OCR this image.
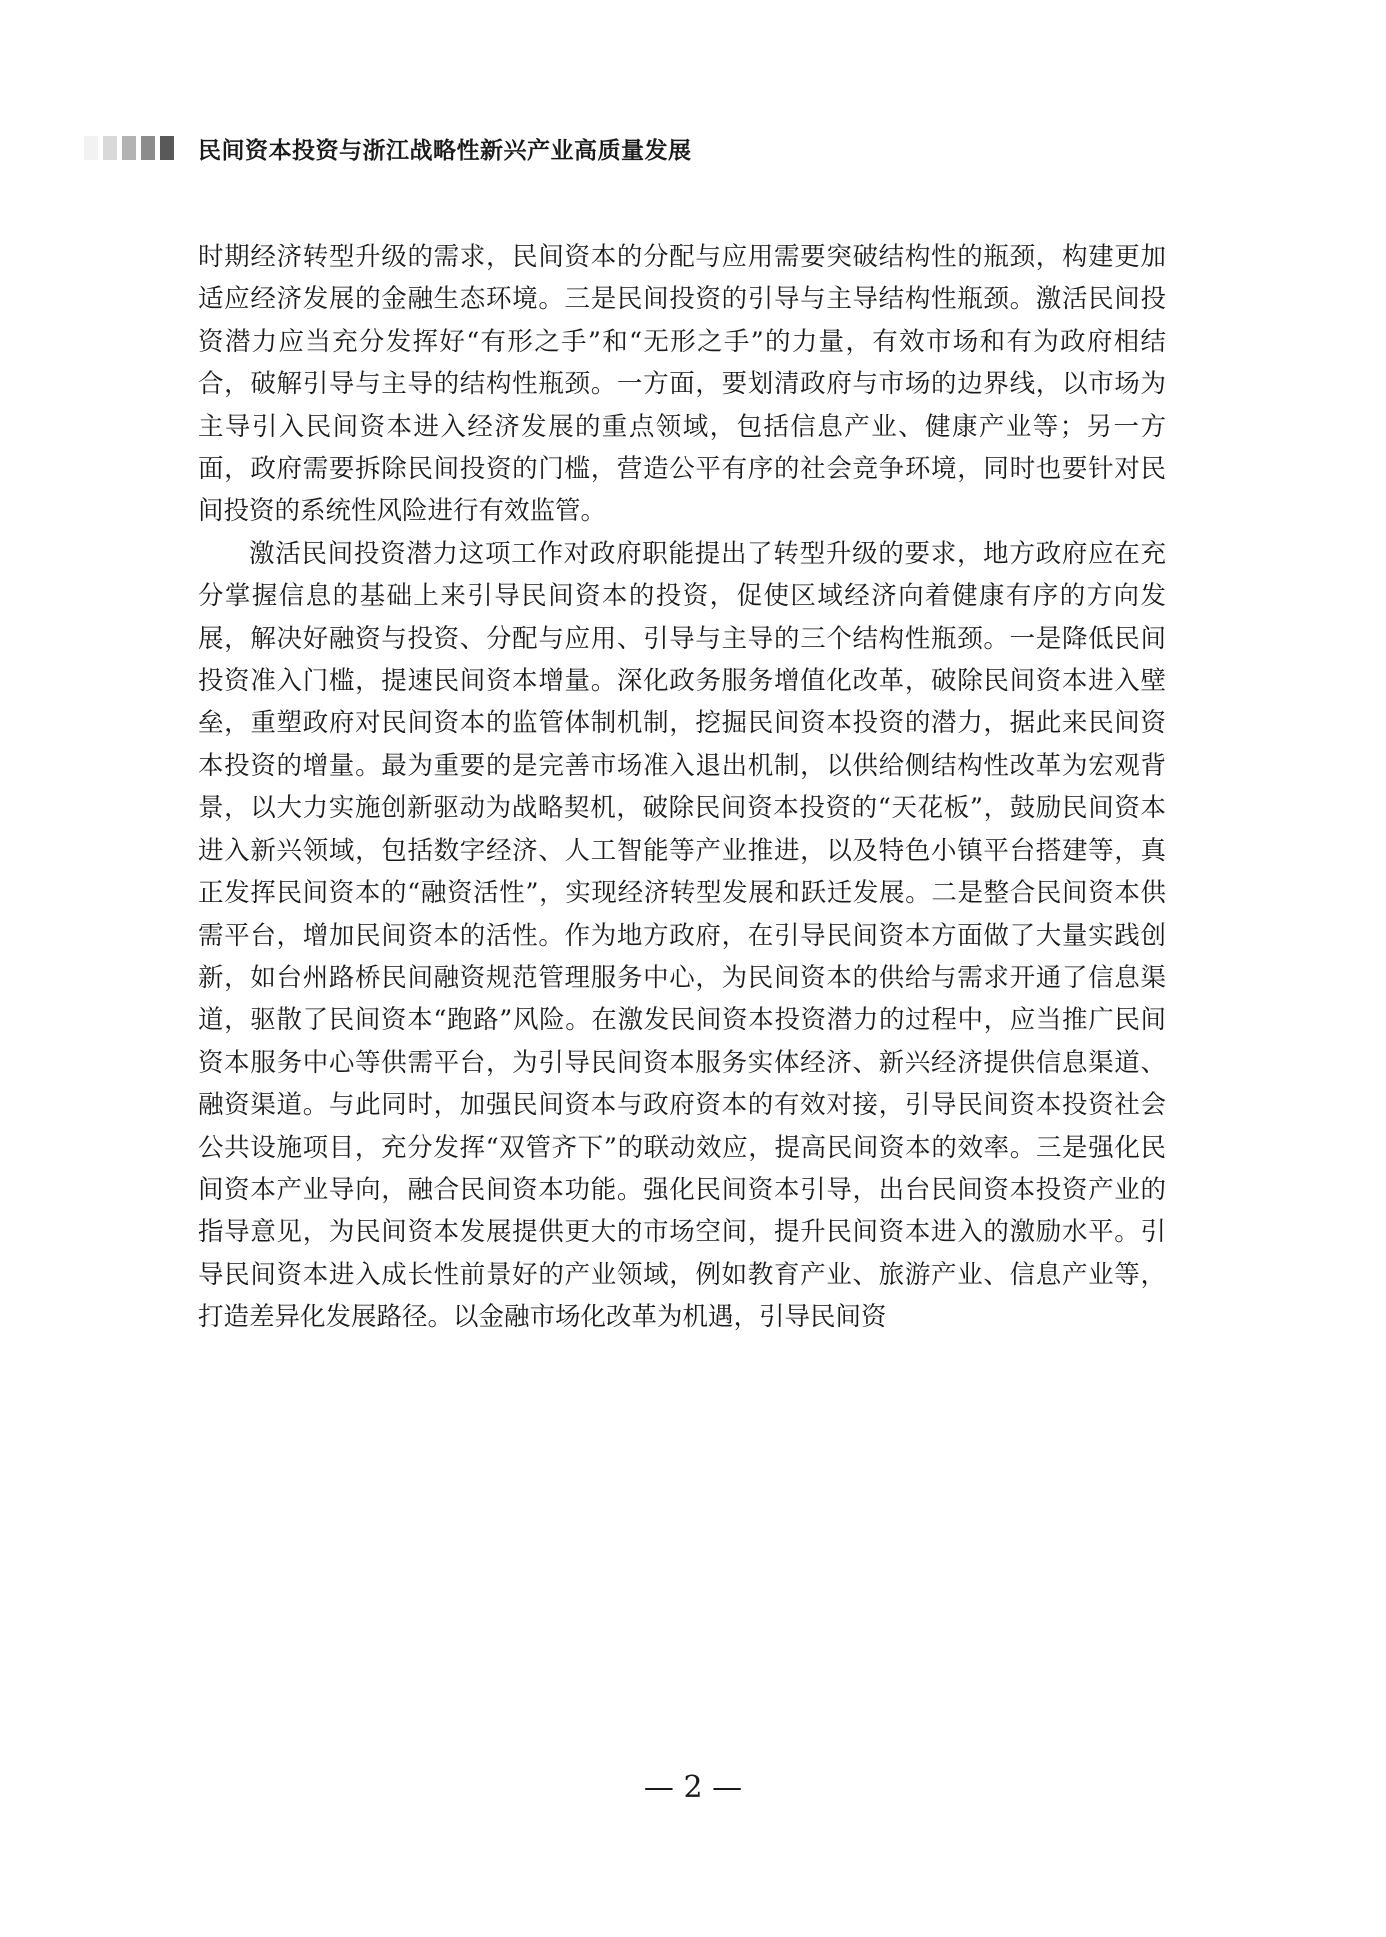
民间资本投资与浙江战略性新兴产业高质量发展

时期经济转型升级的需求，民间资本的分配与应用需要突破结构性的瓶颈，构建更加适应经济发展的金融生态环境。三是民间投资的引导与主导结构性瓶颈。激活民间投资潜力应当充分发挥好“有形之手”和“无形之手”的力量，有效市场和有为政府相结合，破解引导与主导的结构性瓶颈。一方面，要划清政府与市场的边界线，以市场为主导引入民间资本进入经济发展的重点领域，包括信息产业、健康产业等；另一方面，政府需要拆除民间投资的门槛，营造公平有序的社会竞争环境，同时也要针对民间投资的系统性风险进行有效监管。

激活民间投资潜力这项工作对政府职能提出了转型升级的要求，地方政府应在充分掌握信息的基础上来引导民间资本的投资，促使区域经济向着健康有序的方向发展，解决好融资与投资、分配与应用、引导与主导的三个结构性瓶颈。一是降低民间投资准入门槛，提速民间资本增量。深化政务服务增值化改革，破除民间资本进入壁垒，重塑政府对民间资本的监管体制机制，挖掘民间资本投资的潜力，据此来民间资本投资的增量。最为重要的是完善市场准入退出机制，以供给侧结构性改革为宏观背景，以大力实施创新驱动为战略契机，破除民间资本投资的“天花板”，鼓励民间资本进入新兴领域，包括数字经济、人工智能等产业推进，以及特色小镇平台搭建等，真正发挥民间资本的“融资活性”，实现经济转型发展和跃迁发展。二是整合民间资本供需平台，增加民间资本的活性。作为地方政府，在引导民间资本方面做了大量实践创新，如台州路桥民间融资规范管理服务中心，为民间资本的供给与需求开通了信息渠道，驱散了民间资本“跑路”风险。在激发民间资本投资潜力的过程中，应当推广民间资本服务中心等供需平台，为引导民间资本服务实体经济、新兴经济提供信息渠道、融资渠道。与此同时，加强民间资本与政府资本的有效对接，引导民间资本投资社会公共设施项目，充分发挥“双管齐下”的联动效应，提高民间资本的效率。三是强化民间资本产业导向，融合民间资本功能。强化民间资本引导，出台民间资本投资产业的指导意见，为民间资本发展提供更大的市场空间，提升民间资本进入的激励水平。引导民间资本进入成长性前景好的产业领域，例如教育产业、旅游产业、信息产业等，打造差异化发展路径。以金融市场化改革为机遇，引导民间资

— 2 —
